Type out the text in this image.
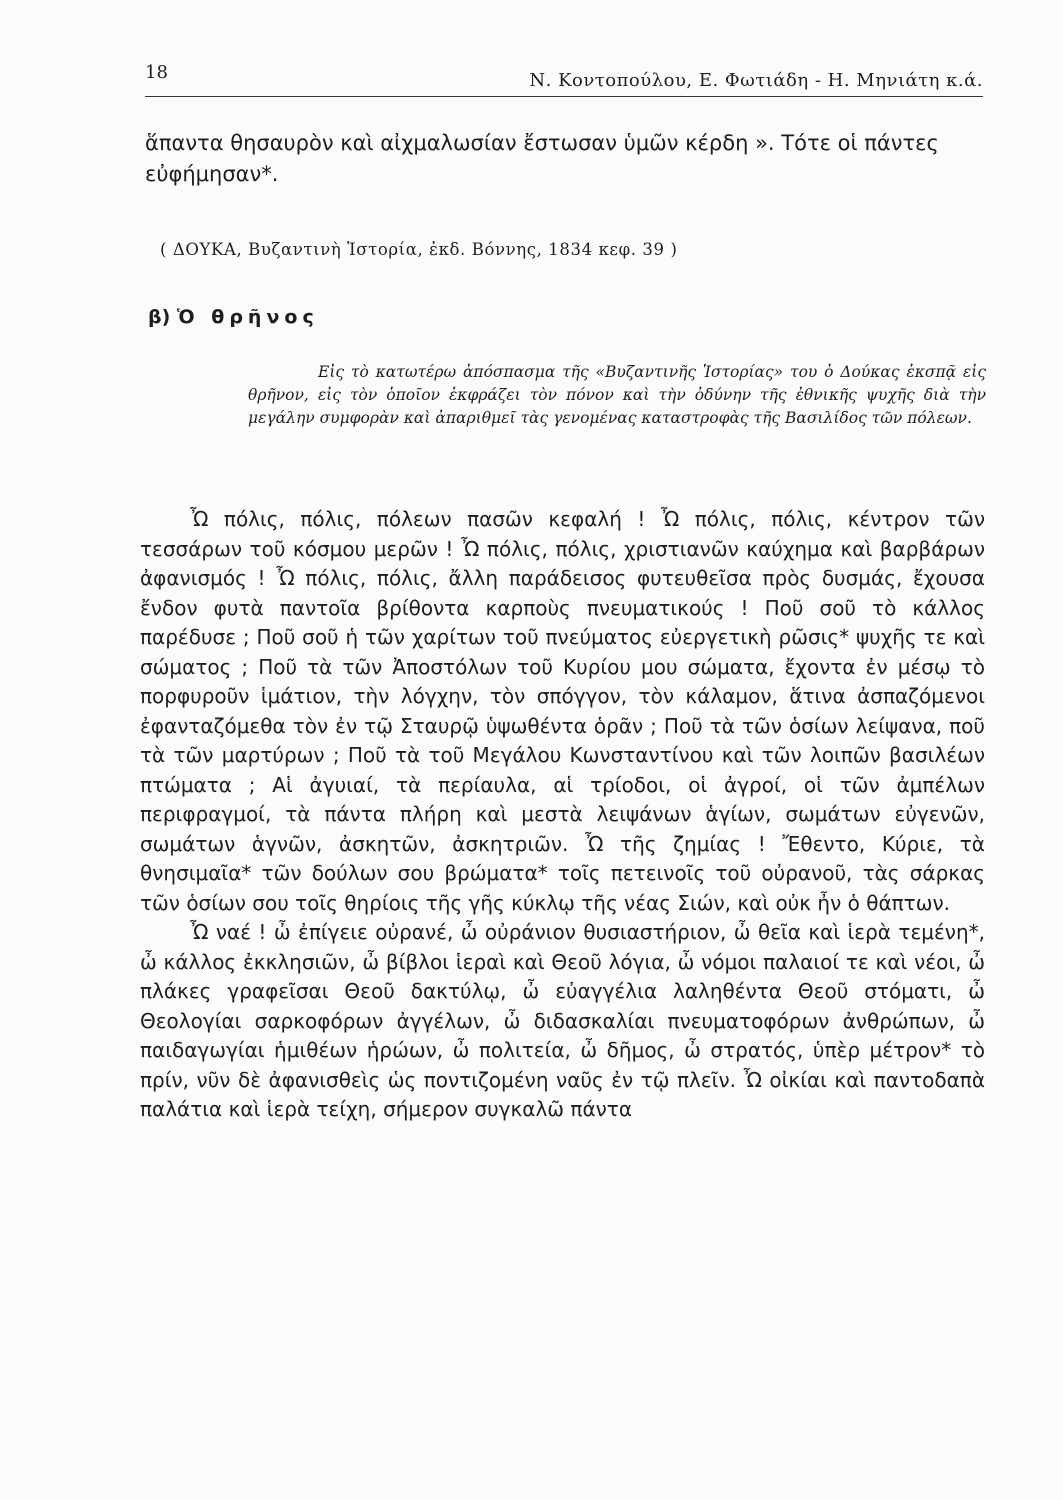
18	Ν. Κοντοπούλου, Ε. Φωτιάδη - Η. Μηνιάτη κ.ά.
ἅπαντα θησαυρὸν καὶ αἰχμαλωσίαν ἔστωσαν ὑμῶν κέρδη ». Τότε οἱ πάντες εὐφήμησαν*.
( ΔΟΥΚΑ, Βυζαντινὴ Ἱστορία, ἐκδ. Βόννης, 1834 κεφ. 39 )
β) Ὁ θρῆνος

Εἰς τὸ κατωτέρω ἀπόσπασμα τῆς «Βυζαντινῆς Ἱστορίας» του ὁ Δούκας ἐκσπᾷ εἰς θρῆνον, εἰς τὸν ὁποῖον ἐκφράζει τὸν πόνον καὶ τὴν ὀδύνην τῆς ἐθνικῆς ψυχῆς διὰ τὴν μεγάλην συμφορὰν καὶ ἀπαριθμεῖ τὰς γενομένας καταστροφὰς τῆς Βασιλίδος τῶν πόλεων.

Ὦ πόλις, πόλις, πόλεων πασῶν κεφαλή ! Ὦ πόλις, πόλις, κέντρον τῶν τεσσάρων τοῦ κόσμου μερῶν ! Ὦ πόλις, πόλις, χριστιανῶν καύχημα καὶ βαρβάρων ἀφανισμός ! Ὦ πόλις, πόλις, ἄλλη παράδεισος φυτευθεῖσα πρὸς δυσμάς, ἔχουσα ἔνδον φυτὰ παντοῖα βρίθοντα καρποὺς πνευματικούς ! Ποῦ σοῦ τὸ κάλλος παρέδυσε ; Ποῦ σοῦ ἡ τῶν χαρίτων τοῦ πνεύματος εὐεργετικὴ ρῶσις* ψυχῆς τε καὶ σώματος ; Ποῦ τὰ τῶν Ἀποστόλων τοῦ Κυρίου μου σώματα, ἔχοντα ἐν μέσῳ τὸ πορφυροῦν ἱμάτιον, τὴν λόγχην, τὸν σπόγγον, τὸν κάλαμον, ἅτινα ἀσπαζόμενοι ἐφανταζόμεθα τὸν ἐν τῷ Σταυρῷ ὑψωθέντα ὁρᾶν ; Ποῦ τὰ τῶν ὁσίων λείψανα, ποῦ τὰ τῶν μαρτύρων ; Ποῦ τὰ τοῦ Μεγάλου Κωνσταντίνου καὶ τῶν λοιπῶν βασιλέων πτώματα ; Αἱ ἀγυιαί, τὰ περίαυλα, αἱ τρίοδοι, οἱ ἀγροί, οἱ τῶν ἀμπέλων περιφραγμοί, τὰ πάντα πλήρη καὶ μεστὰ λειψάνων ἁγίων, σωμάτων εὐγενῶν, σωμάτων ἁγνῶν, ἀσκητῶν, ἀσκητριῶν. Ὦ τῆς ζημίας ! Ἔθεντο, Κύριε, τὰ θνησιμαῖα* τῶν δούλων σου βρώματα* τοῖς πετεινοῖς τοῦ οὐρανοῦ, τὰς σάρκας τῶν ὁσίων σου τοῖς θηρίοις τῆς γῆς κύκλῳ τῆς νέας Σιών, καὶ οὐκ ἦν ὁ θάπτων.

Ὦ ναέ ! ὦ ἐπίγειε οὐρανέ, ὦ οὐράνιον θυσιαστήριον, ὦ θεῖα καὶ ἱερὰ τεμένη*, ὦ κάλλος ἐκκλησιῶν, ὦ βίβλοι ἱεραὶ καὶ Θεοῦ λόγια, ὦ νόμοι παλαιοί τε καὶ νέοι, ὦ πλάκες γραφεῖσαι Θεοῦ δακτύλῳ, ὦ εὐαγγέλια λαληθέντα Θεοῦ στόματι, ὦ Θεολογίαι σαρκοφόρων ἀγγέλων, ὦ διδασκαλίαι πνευματοφόρων ἀνθρώπων, ὦ παιδαγωγίαι ἡμιθέων ἡρώων, ὦ πολιτεία, ὦ δῆμος, ὦ στρατός, ὑπὲρ μέτρον* τὸ πρίν, νῦν δὲ ἀφανισθεὶς ὡς ποντιζομένη ναῦς ἐν τῷ πλεῖν. Ὦ οἰκίαι καὶ παντοδαπὰ παλάτια καὶ ἱερὰ τείχη, σήμερον συγκαλῶ πάντα
